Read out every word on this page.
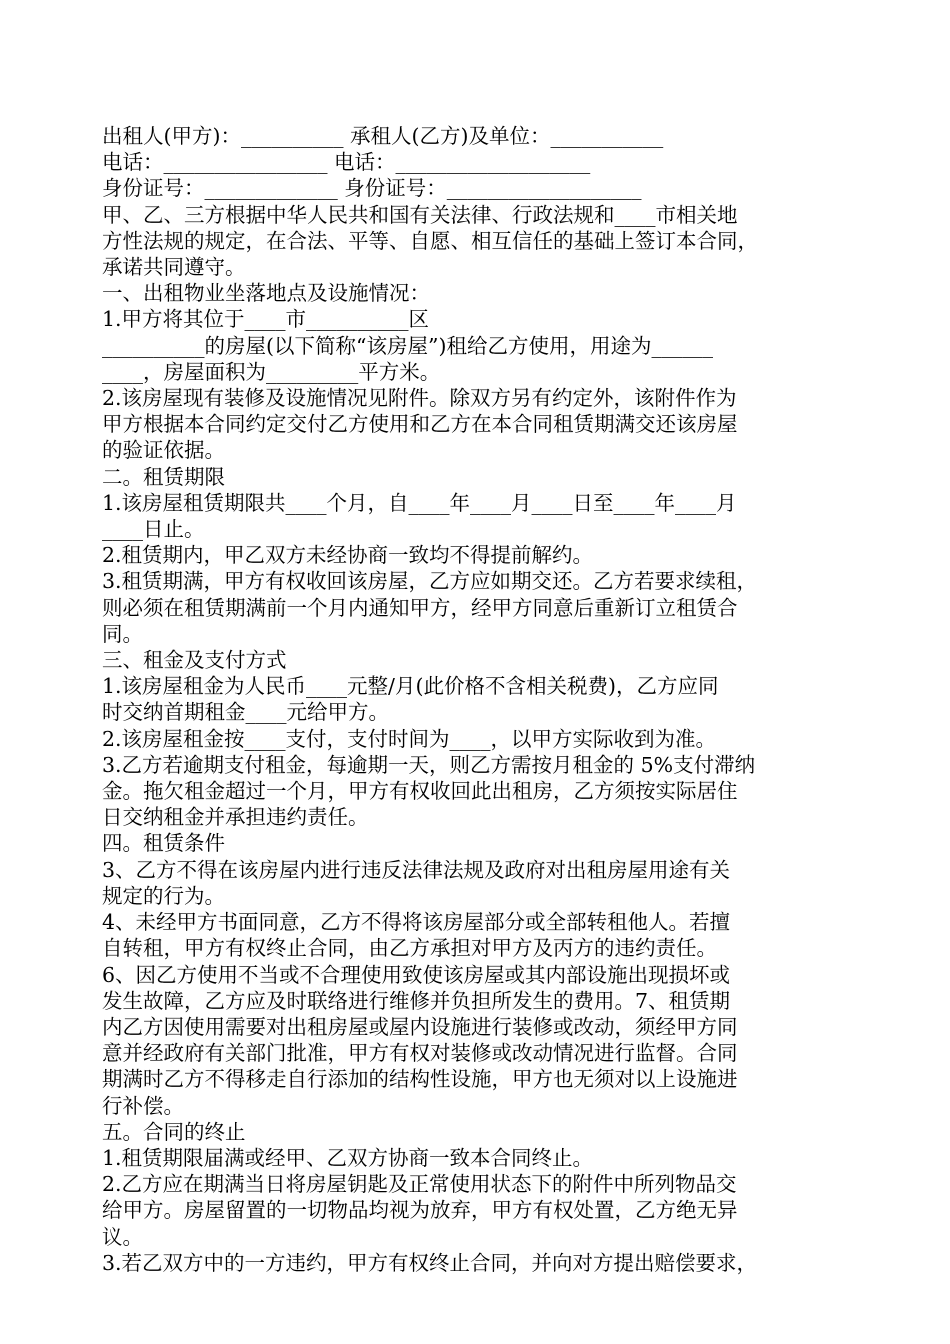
出租人(甲方)：__________ 承租人(乙方)及单位：___________
电话：________________ 电话：___________________
身份证号：_____________ 身份证号：___________________
甲、乙、三方根据中华人民共和国有关法律、行政法规和____市相关地
方性法规的规定，在合法、平等、自愿、相互信任的基础上签订本合同，
承诺共同遵守。
一、出租物业坐落地点及设施情况：
1.甲方将其位于____市__________区
__________的房屋(以下简称“该房屋”)租给乙方使用，用途为______
____，房屋面积为_________平方米。
2.该房屋现有装修及设施情况见附件。除双方另有约定外，该附件作为
甲方根据本合同约定交付乙方使用和乙方在本合同租赁期满交还该房屋
的验证依据。
二。租赁期限
1.该房屋租赁期限共____个月，自____年____月____日至____年____月
____日止。
2.租赁期内，甲乙双方未经协商一致均不得提前解约。
3.租赁期满，甲方有权收回该房屋，乙方应如期交还。乙方若要求续租，
则必须在租赁期满前一个月内通知甲方，经甲方同意后重新订立租赁合
同。
三、租金及支付方式
1.该房屋租金为人民币____元整/月(此价格不含相关税费)，乙方应同
时交纳首期租金____元给甲方。
2.该房屋租金按____支付，支付时间为____，以甲方实际收到为准。
3.乙方若逾期支付租金，每逾期一天，则乙方需按月租金的 5%支付滞纳
金。拖欠租金超过一个月，甲方有权收回此出租房，乙方须按实际居住
日交纳租金并承担违约责任。
四。租赁条件
3、乙方不得在该房屋内进行违反法律法规及政府对出租房屋用途有关
规定的行为。
4、未经甲方书面同意，乙方不得将该房屋部分或全部转租他人。若擅
自转租，甲方有权终止合同，由乙方承担对甲方及丙方的违约责任。
6、因乙方使用不当或不合理使用致使该房屋或其内部设施出现损坏或
发生故障，乙方应及时联络进行维修并负担所发生的费用。7、租赁期
内乙方因使用需要对出租房屋或屋内设施进行装修或改动，须经甲方同
意并经政府有关部门批准，甲方有权对装修或改动情况进行监督。合同
期满时乙方不得移走自行添加的结构性设施，甲方也无须对以上设施进
行补偿。
五。合同的终止
1.租赁期限届满或经甲、乙双方协商一致本合同终止。
2.乙方应在期满当日将房屋钥匙及正常使用状态下的附件中所列物品交
给甲方。房屋留置的一切物品均视为放弃，甲方有权处置，乙方绝无异
议。
3.若乙双方中的一方违约，甲方有权终止合同，并向对方提出赔偿要求，
